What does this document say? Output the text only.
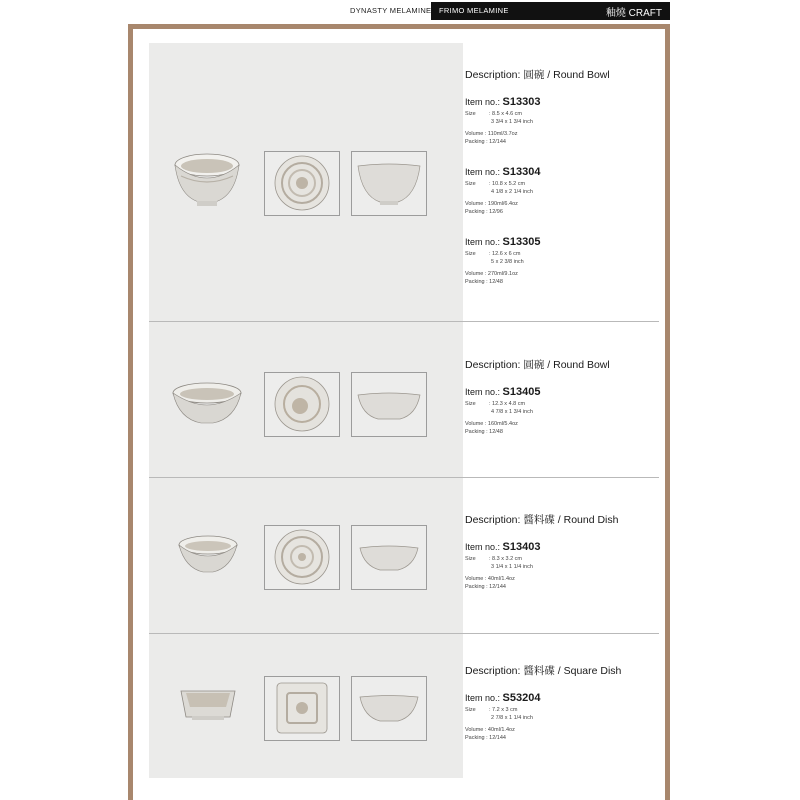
DYNASTY MELAMINE FRIMO MELAMINE	釉燒 CRAFT
Description: 圓碗 / Round Bowl
Item no.: S13303
Size : 8.5 x 4.6 cm
3 3/4 x 1 3/4 inch
Volume : 110ml/3.7oz
Packing : 12/144
Item no.: S13304
Size : 10.8 x 5.2 cm
4 1/8 x 2 1/4 inch
Volume : 190ml/6.4oz
Packing : 12/96
Item no.: S13305
Size : 12.6 x 6 cm
5 x 2 3/8 inch
Volume : 270ml/9.1oz
Packing : 12/48
Description: 圓碗 / Round Bowl
Item no.: S13405
Size : 12.3 x 4.8 cm
4 7/8 x 1 3/4 inch
Volume : 160ml/5.4oz
Packing : 12/48
Description: 醬料碟 / Round Dish
Item no.: S13403
Size : 8.3 x 3.2 cm
3 1/4 x 1 1/4 inch
Volume : 40ml/1.4oz
Packing : 12/144
Description: 醬料碟 / Square Dish
Item no.: S53204
Size : 7.2 x 3 cm
2 7/8 x 1 1/4 inch
Volume : 40ml/1.4oz
Packing : 12/144
